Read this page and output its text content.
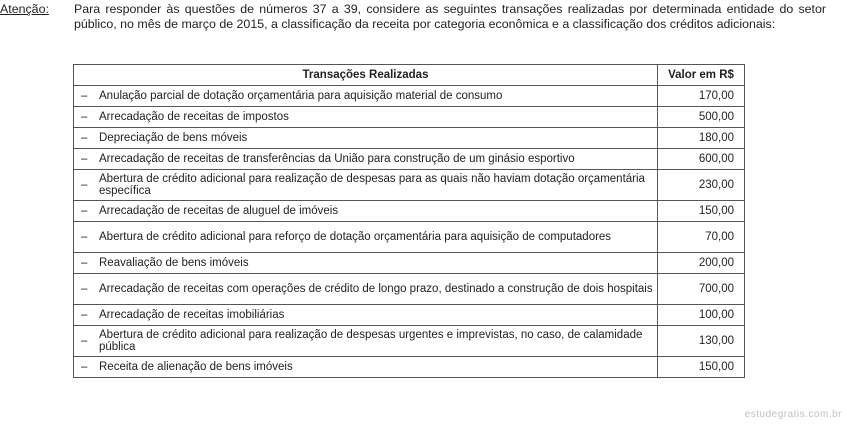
Atenção: Para responder às questões de números 37 a 39, considere as seguintes transações realizadas por determinada entidade do setor público, no mês de março de 2015, a classificação da receita por categoria econômica e a classificação dos créditos adicionais:
Transações Realizadas	Valor em R$

– Anulação parcial de dotação orçamentária para aquisição material de consumo	170,00

– Arrecadação de receitas de impostos	500,00

– Depreciação de bens móveis	180,00

– Arrecadação de receitas de transferências da União para construção de um ginásio esportivo	600,00

– Abertura de crédito adicional para realização de despesas para as quais não haviam dotação orçamentária específica	230,00

– Arrecadação de receitas de aluguel de imóveis	150,00

– Abertura de crédito adicional para reforço de dotação orçamentária para aquisição de computadores	70,00

– Reavaliação de bens imóveis	200,00

– Arrecadação de receitas com operações de crédito de longo prazo, destinado a construção de dois hospitais	700,00

– Arrecadação de receitas imobiliárias	100,00

– Abertura de crédito adicional para realização de despesas urgentes e imprevistas, no caso, de calamidade pública	130,00

– Receita de alienação de bens imóveis	150,00
estudegratis.com.br
